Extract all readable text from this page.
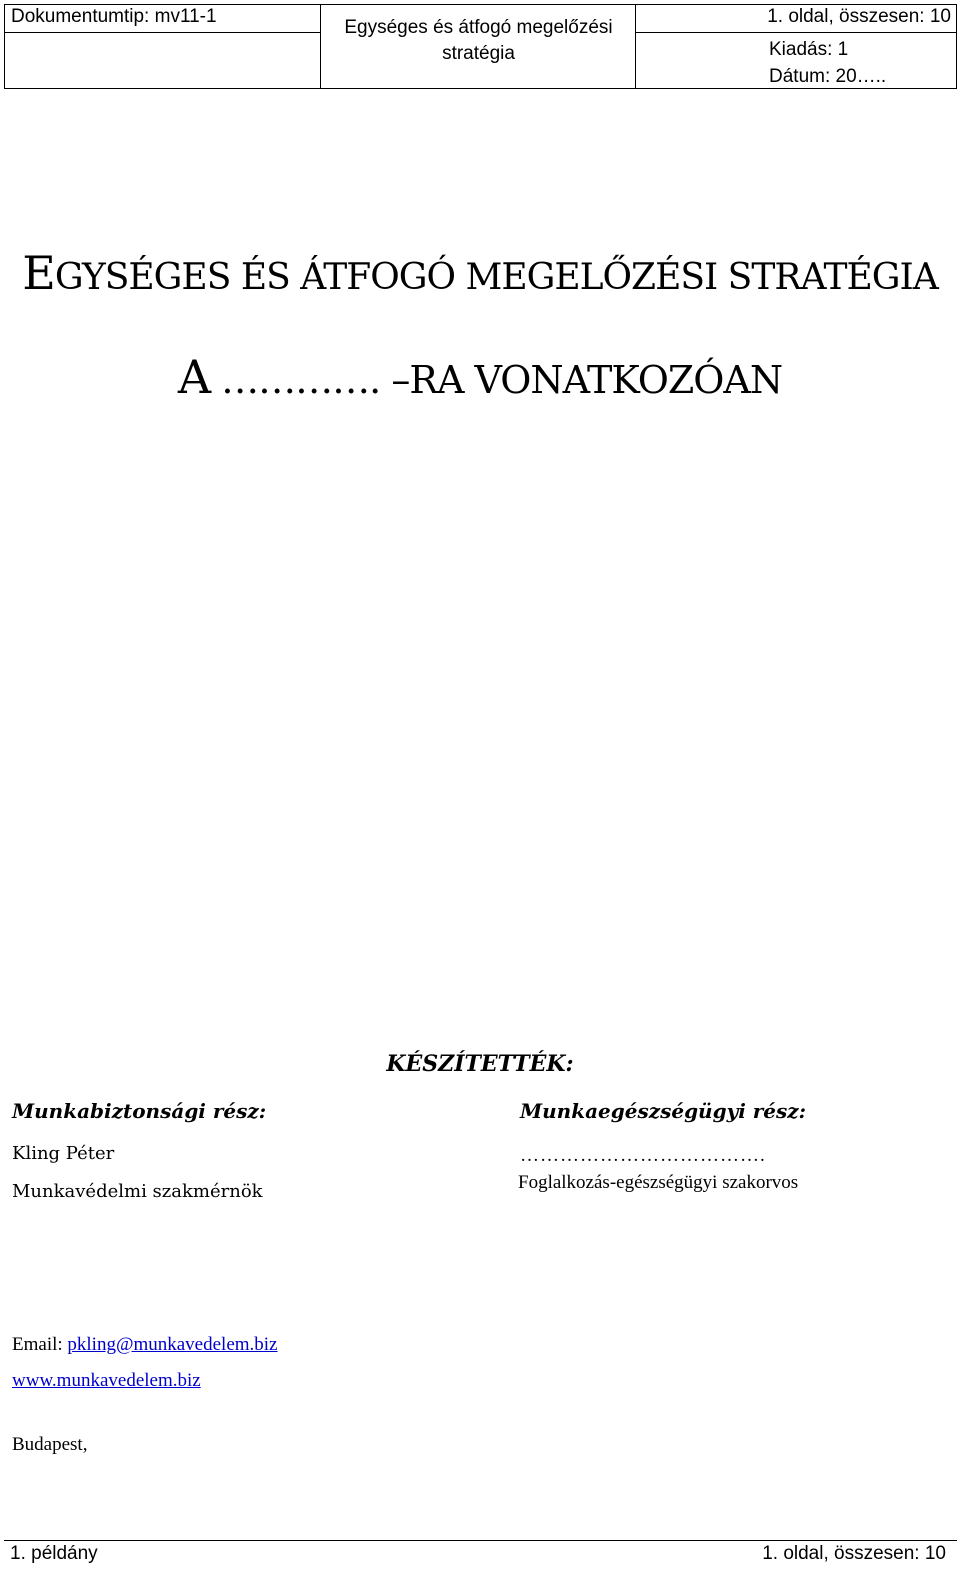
Dokumentumtip: mv11-1
Egységes és átfogó megelőzési
stratégia
1. oldal, összesen: 10
Kiadás: 1
Dátum: 20…..
EGYSÉGES ÉS ÁTFOGÓ MEGELŐZÉSI STRATÉGIA
A …………. –RA VONATKOZÓAN
KÉSZÍTETTÉK:
Munkabiztonsági rész:
Kling Péter
Munkavédelmi szakmérnök
Munkaegészségügyi rész:
……………………………….
Foglalkozás-egészségügyi szakorvos
Email: pkling@munkavedelem.biz
www.munkavedelem.biz
Budapest,
1. példány	1. oldal, összesen: 10
